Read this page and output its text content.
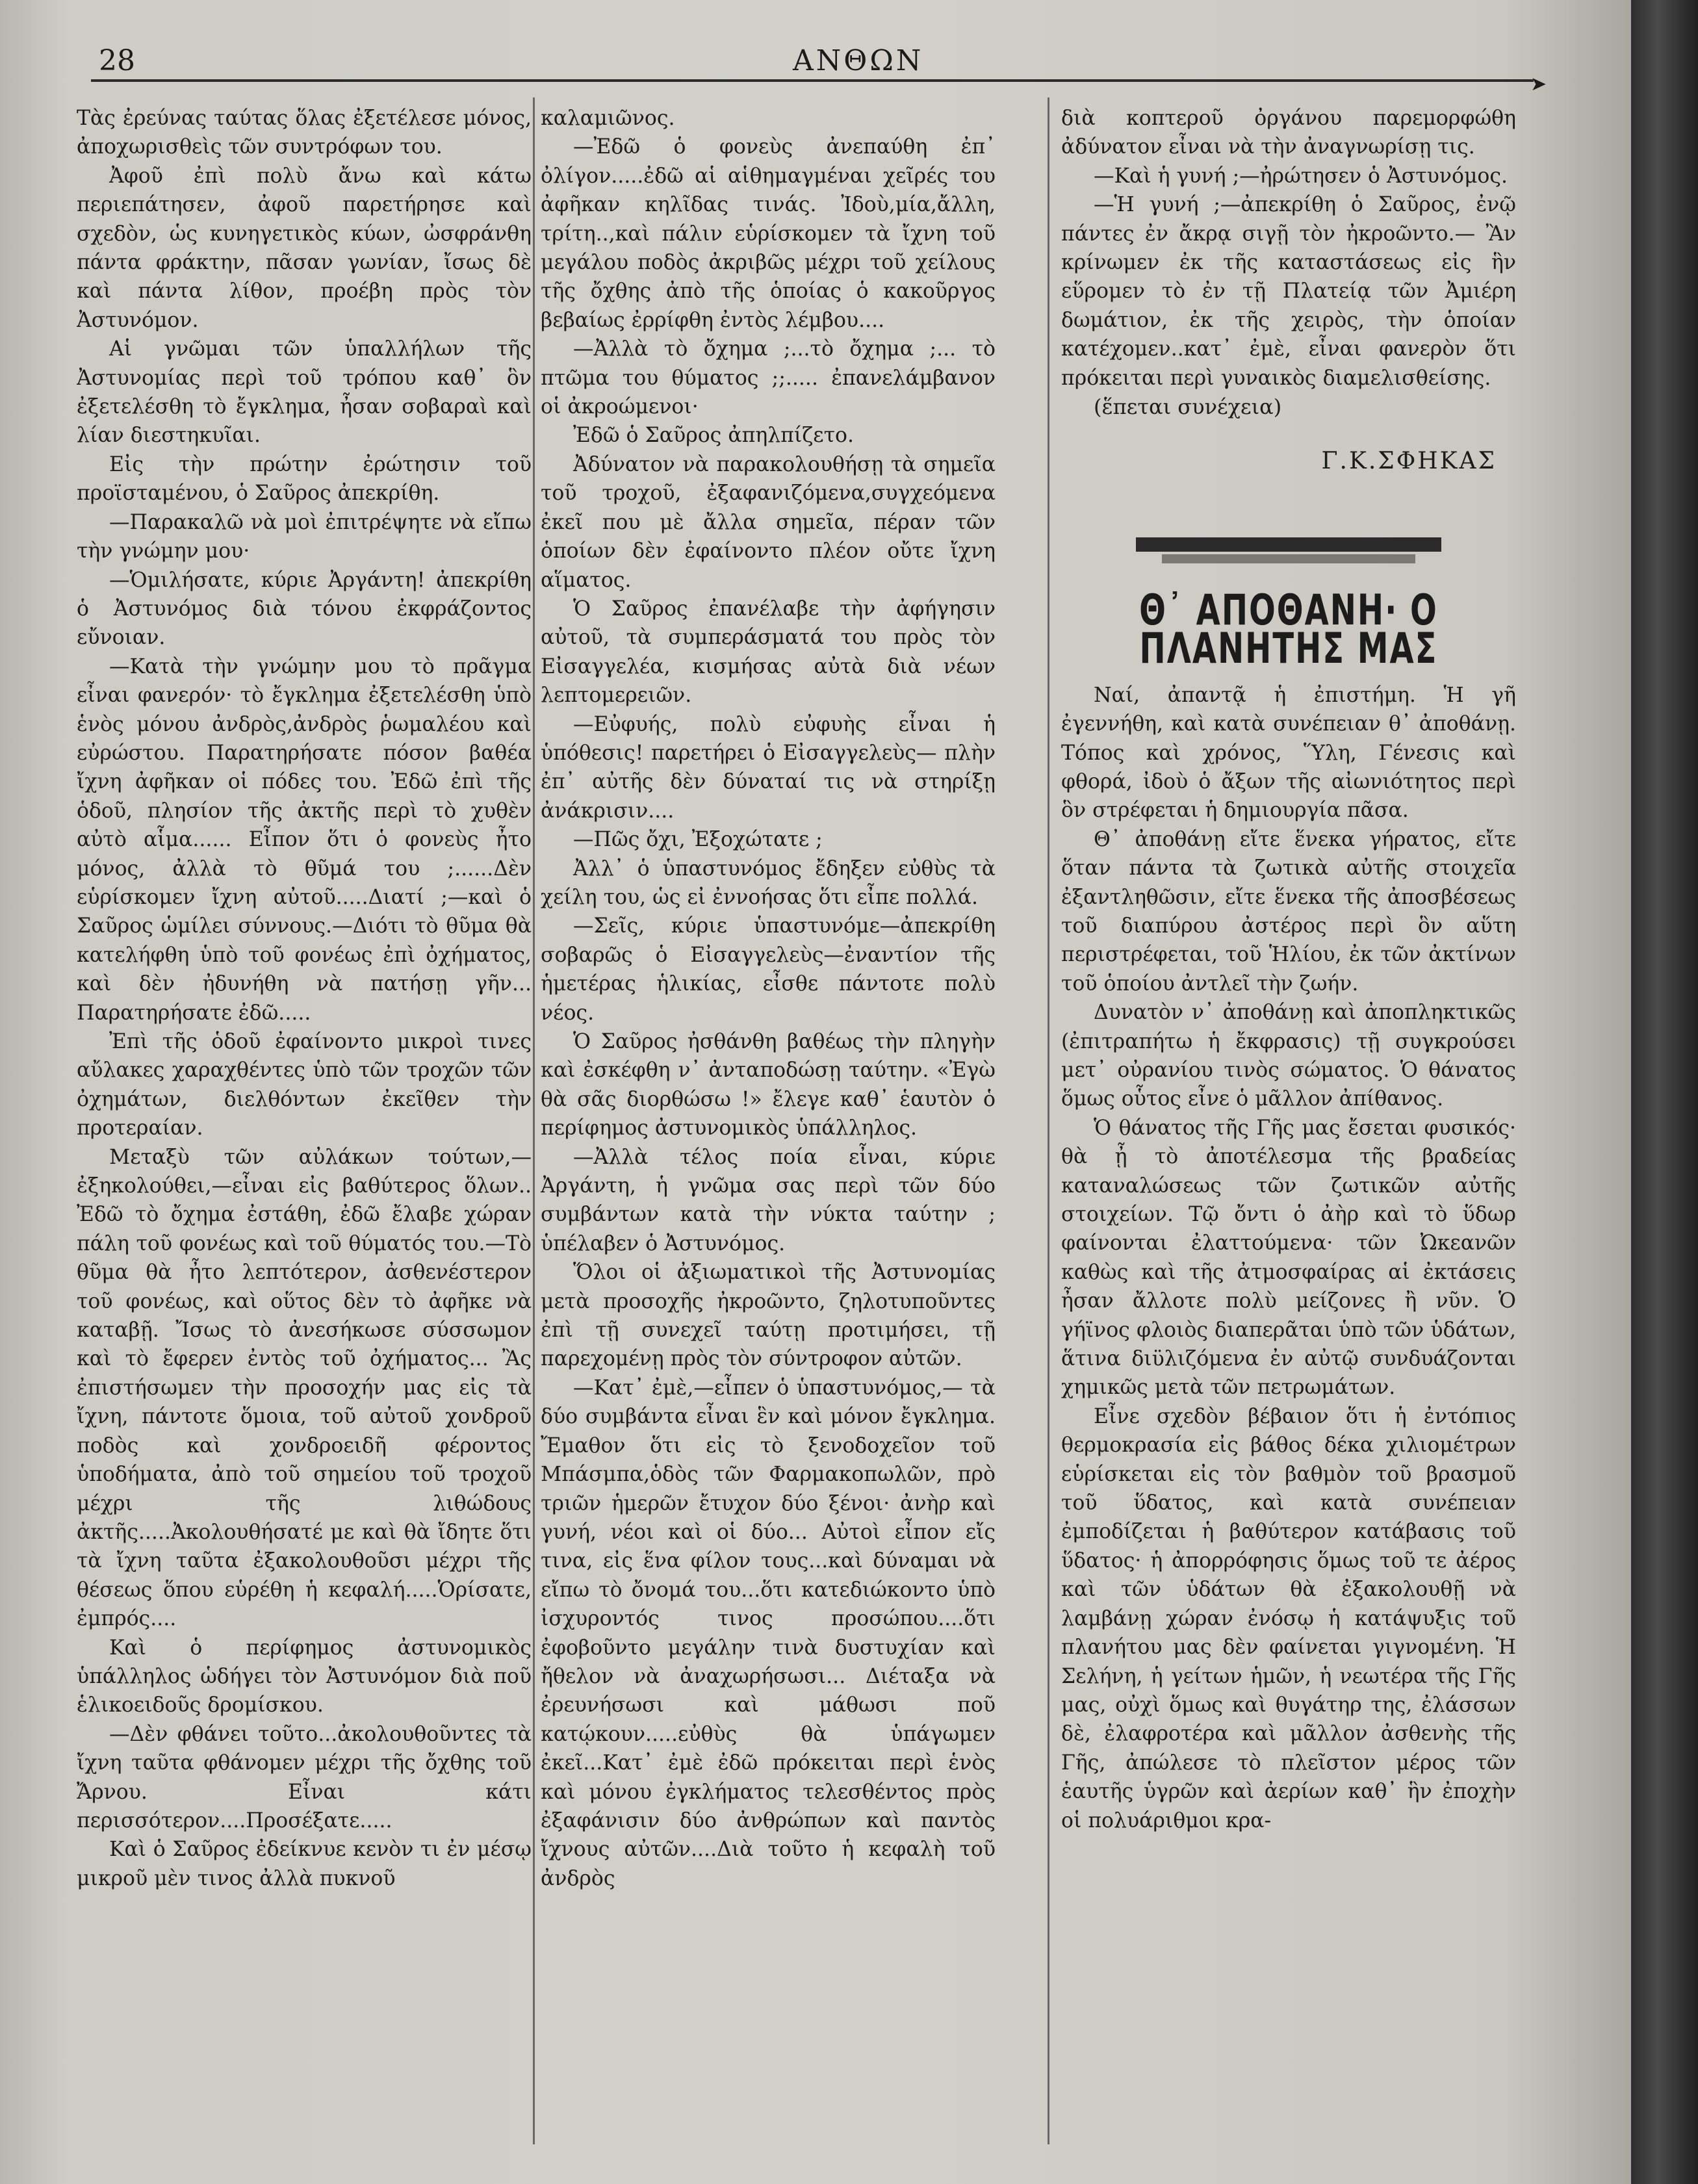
28	ΑΝΘΩΝ
➤

Τὰς ἐρεύνας ταύτας ὅλας ἐξετέλεσε μόνος, ἀποχωρισθεὶς τῶν συντρόφων του.

Ἀφοῦ ἐπὶ πολὺ ἄνω καὶ κάτω περιεπάτησεν, ἀφοῦ παρετήρησε καὶ σχεδὸν, ὡς κυνηγετικὸς κύων, ὠσφράνθη πάντα φράκτην, πᾶσαν γωνίαν, ἴσως δὲ καὶ πάντα λίθον, προέβη πρὸς τὸν Ἀστυνόμον.

Αἱ γνῶμαι τῶν ὑπαλλήλων τῆς Ἀστυνομίας περὶ τοῦ τρόπου καθ᾽ ὃν ἐξετελέσθη τὸ ἔγκλημα, ἦσαν σοβαραὶ καὶ λίαν διεστηκυῖαι.

Εἰς τὴν πρώτην ἐρώτησιν τοῦ προϊσταμένου, ὁ Σαῦρος ἀπεκρίθη.

—Παρακαλῶ νὰ μοὶ ἐπιτρέψητε νὰ εἴπω τὴν γνώμην μου·

—Ὁμιλήσατε, κύριε Ἀργάντη! ἀπεκρίθη ὁ Ἀστυνόμος διὰ τόνου ἐκφράζοντος εὔνοιαν.

—Κατὰ τὴν γνώμην μου τὸ πρᾶγμα εἶναι φανερόν· τὸ ἔγκλημα ἐξετελέσθη ὑπὸ ἑνὸς μόνου ἀνδρὸς,ἀνδρὸς ῥωμαλέου καὶ εὐρώστου. Παρατηρήσατε πόσον βαθέα ἴχνη ἀφῆκαν οἱ πόδες του. Ἐδῶ ἐπὶ τῆς ὁδοῦ, πλησίον τῆς ἀκτῆς περὶ τὸ χυθὲν αὐτὸ αἷμα...... Εἶπον ὅτι ὁ φονεὺς ἦτο μόνος, ἀλλὰ τὸ θῦμά του ;......Δὲν εὑρίσκομεν ἴχνη αὐτοῦ.....Διατί ;—καὶ ὁ Σαῦρος ὡμίλει σύννους.—Διότι τὸ θῦμα θὰ κατελήφθη ὑπὸ τοῦ φονέως ἐπὶ ὀχήματος, καὶ δὲν ἠδυνήθη νὰ πατήσῃ γῆν... Παρατηρήσατε ἐδῶ.....

Ἐπὶ τῆς ὁδοῦ ἐφαίνοντο μικροὶ τινες αὔλακες χαραχθέντες ὑπὸ τῶν τροχῶν τῶν ὀχημάτων, διελθόντων ἐκεῖθεν τὴν προτεραίαν.

Μεταξὺ τῶν αὐλάκων τούτων,—ἐξηκολούθει,—εἶναι εἰς βαθύτερος ὅλων.. Ἐδῶ τὸ ὄχημα ἐστάθη, ἐδῶ ἔλαβε χώραν πάλη τοῦ φονέως καὶ τοῦ θύματός του.—Τὸ θῦμα θὰ ἦτο λεπτότερον, ἀσθενέστερον τοῦ φονέως, καὶ οὕτος δὲν τὸ ἀφῆκε νὰ καταβῇ. Ἴσως τὸ ἀνεσήκωσε σύσσωμον καὶ τὸ ἔφερεν ἐντὸς τοῦ ὀχήματος... Ἂς ἐπιστήσωμεν τὴν προσοχήν μας εἰς τὰ ἴχνη, πάντοτε ὅμοια, τοῦ αὐτοῦ χονδροῦ ποδὸς καὶ χονδροειδῆ φέροντος ὑποδήματα, ἀπὸ τοῦ σημείου τοῦ τροχοῦ μέχρι τῆς λιθώδους ἀκτῆς.....Ἀκολουθήσατέ με καὶ θὰ ἴδητε ὅτι τὰ ἴχνη ταῦτα ἐξακολουθοῦσι μέχρι τῆς θέσεως ὅπου εὑρέθη ἡ κεφαλή.....Ὁρίσατε, ἐμπρός....

Καὶ ὁ περίφημος ἀστυνομικὸς ὑπάλληλος ὡδήγει τὸν Ἀστυνόμον διὰ ποῦ ἑλικοειδοῦς δρομίσκου.

—Δὲν φθάνει τοῦτο...ἀκολουθοῦντες τὰ ἴχνη ταῦτα φθάνομεν μέχρι τῆς ὄχθης τοῦ Ἄρνου. Εἶναι κάτι περισσότερον....Προσέξατε.....

Καὶ ὁ Σαῦρος ἐδείκνυε κενὸν τι ἐν μέσῳ μικροῦ μὲν τινος ἀλλὰ πυκνοῦ

καλαμιῶνος.

—Ἐδῶ ὁ φονεὺς ἀνεπαύθη ἐπ᾽ ὀλίγον.....ἐδῶ αἱ αἱθημαγμέναι χεῖρές του ἀφῆκαν κηλῖδας τινάς. Ἰδοὺ,μία,ἄλλη, τρίτη..,καὶ πάλιν εὑρίσκομεν τὰ ἴχνη τοῦ μεγάλου ποδὸς ἀκριβῶς μέχρι τοῦ χείλους τῆς ὄχθης ἀπὸ τῆς ὁποίας ὁ κακοῦργος βεβαίως ἐρρίφθη ἐντὸς λέμβου....

—Ἀλλὰ τὸ ὄχημα ;...τὸ ὄχημα ;... τὸ πτῶμα του θύματος ;;..... ἐπανελάμβανον οἱ ἀκροώμενοι·

Ἐδῶ ὁ Σαῦρος ἀπηλπίζετο.

Ἀδύνατον νὰ παρακολουθήσῃ τὰ σημεῖα τοῦ τροχοῦ, ἐξαφανιζόμενα,συγχεόμενα ἐκεῖ που μὲ ἄλλα σημεῖα, πέραν τῶν ὁποίων δὲν ἐφαίνοντο πλέον οὔτε ἴχνη αἵματος.

Ὁ Σαῦρος ἐπανέλαβε τὴν ἀφήγησιν αὐτοῦ, τὰ συμπεράσματά του πρὸς τὸν Εἰσαγγελέα, κισμήσας αὐτὰ διὰ νέων λεπτομερειῶν.

—Εὐφυής, πολὺ εὐφυὴς εἶναι ἡ ὑπόθεσις! παρετήρει ὁ Εἰσαγγελεὺς— πλὴν ἐπ᾽ αὐτῆς δὲν δύναταί τις νὰ στηρίξῃ ἀνάκρισιν....

—Πῶς ὄχι, Ἐξοχώτατε ;

Ἀλλ᾽ ὁ ὑπαστυνόμος ἔδηξεν εὐθὺς τὰ χείλη του, ὡς εἰ ἐννοήσας ὅτι εἶπε πολλά.

—Σεῖς, κύριε ὑπαστυνόμε—ἀπεκρίθη σοβαρῶς ὁ Εἰσαγγελεὺς—ἐναντίον τῆς ἡμετέρας ἡλικίας, εἶσθε πάντοτε πολὺ νέος.

Ὁ Σαῦρος ἠσθάνθη βαθέως τὴν πληγὴν καὶ ἐσκέφθη ν᾽ ἀνταποδώσῃ ταύτην. «Ἐγὼ θὰ σᾶς διορθώσω !» ἔλεγε καθ᾽ ἑαυτὸν ὁ περίφημος ἀστυνομικὸς ὑπάλληλος.

—Ἀλλὰ τέλος ποία εἶναι, κύριε Ἀργάντη, ἡ γνῶμα σας περὶ τῶν δύο συμβάντων κατὰ τὴν νύκτα ταύτην ; ὑπέλαβεν ὁ Ἀστυνόμος.

Ὅλοι οἱ ἀξιωματικοὶ τῆς Ἀστυνομίας μετὰ προσοχῆς ἠκροῶντο, ζηλοτυποῦντες ἐπὶ τῇ συνεχεῖ ταύτῃ προτιμήσει, τῇ παρεχομένῃ πρὸς τὸν σύντροφον αὐτῶν.

—Κατ᾽ ἐμὲ,—εἶπεν ὁ ὑπαστυνόμος,— τὰ δύο συμβάντα εἶναι ἓν καὶ μόνον ἔγκλημα. Ἔμαθον ὅτι εἰς τὸ ξενοδοχεῖον τοῦ Μπάσμπα,ὁδὸς τῶν Φαρμακοπωλῶν, πρὸ τριῶν ἡμερῶν ἔτυχον δύο ξένοι· ἀνὴρ καὶ γυνή, νέοι καὶ οἱ δύο... Αὐτοὶ εἶπον εἴς τινα, εἰς ἕνα φίλον τους...καὶ δύναμαι νὰ εἴπω τὸ ὄνομά του...ὅτι κατεδιώκοντο ὑπὸ ἰσχυροντός τινος προσώπου....ὅτι ἐφοβοῦντο μεγάλην τινὰ δυστυχίαν καὶ ἤθελον νὰ ἀναχωρήσωσι... Διέταξα νὰ ἐρευνήσωσι καὶ μάθωσι ποῦ κατῴκουν.....εὐθὺς θὰ ὑπάγωμεν ἐκεῖ...Κατ᾽ ἐμὲ ἐδῶ πρόκειται περὶ ἑνὸς καὶ μόνου ἐγκλήματος τελεσθέντος πρὸς ἐξαφάνισιν δύο ἀνθρώπων καὶ παντὸς ἴχνους αὐτῶν....Διὰ τοῦτο ἡ κεφαλὴ τοῦ ἀνδρὸς

διὰ κοπτεροῦ ὀργάνου παρεμορφώθη ἀδύνατον εἶναι νὰ τὴν ἀναγνωρίσῃ τις.

—Καὶ ἡ γυνή ;—ἠρώτησεν ὁ Ἀστυνόμος.

—Ἡ γυνή ;—ἀπεκρίθη ὁ Σαῦρος, ἐνῷ πάντες ἐν ἄκρᾳ σιγῇ τὸν ἠκροῶντο.— Ἂν κρίνωμεν ἐκ τῆς καταστάσεως εἰς ἣν εὕρομεν τὸ ἐν τῇ Πλατείᾳ τῶν Ἀμιέρη δωμάτιον, ἐκ τῆς χειρὸς, τὴν ὁποίαν κατέχομεν..κατ᾽ ἐμὲ, εἶναι φανερὸν ὅτι πρόκειται περὶ γυναικὸς διαμελισθείσης.

(ἕπεται συνέχεια)

Γ.Κ.ΣΦΗΚΑΣ
Θ᾽ ΑΠΟΘΑΝΗ· Ο ΠΛΑΝΗΤΗΣ ΜΑΣ

Ναί, ἀπαντᾷ ἡ ἐπιστήμη. Ἡ γῆ ἐγεννήθη, καὶ κατὰ συνέπειαν θ᾽ ἀποθάνῃ. Τόπος καὶ χρόνος, Ὕλη, Γένεσις καὶ φθορά, ἰδοὺ ὁ ἄξων τῆς αἰωνιότητος περὶ ὃν στρέφεται ἡ δημιουργία πᾶσα.

Θ᾽ ἀποθάνῃ εἴτε ἕνεκα γήρατος, εἴτε ὅταν πάντα τὰ ζωτικὰ αὐτῆς στοιχεῖα ἐξαντληθῶσιν, εἴτε ἕνεκα τῆς ἀποσβέσεως τοῦ διαπύρου ἀστέρος περὶ ὃν αὕτη περιστρέφεται, τοῦ Ἡλίου, ἐκ τῶν ἀκτίνων τοῦ ὁποίου ἀντλεῖ τὴν ζωήν.

Δυνατὸν ν᾽ ἀποθάνῃ καὶ ἀποπληκτικῶς (ἐπιτραπήτω ἡ ἔκφρασις) τῇ συγκρούσει μετ᾽ οὐρανίου τινὸς σώματος. Ὁ θάνατος ὅμως οὗτος εἶνε ὁ μᾶλλον ἀπίθανος.

Ὁ θάνατος τῆς Γῆς μας ἔσεται φυσικός· θὰ ᾖ τὸ ἀποτέλεσμα τῆς βραδείας καταναλώσεως τῶν ζωτικῶν αὐτῆς στοιχείων. Τῷ ὄντι ὁ ἀὴρ καὶ τὸ ὕδωρ φαίνονται ἐλαττούμενα· τῶν Ὠκεανῶν καθὼς καὶ τῆς ἀτμοσφαίρας αἱ ἐκτάσεις ἦσαν ἄλλοτε πολὺ μείζονες ἢ νῦν. Ὁ γήϊνος φλοιὸς διαπερᾶται ὑπὸ τῶν ὑδάτων, ἅτινα διϋλιζόμενα ἐν αὐτῷ συνδυάζονται χημικῶς μετὰ τῶν πετρωμάτων.

Εἶνε σχεδὸν βέβαιον ὅτι ἡ ἐντόπιος θερμοκρασία εἰς βάθος δέκα χιλιομέτρων εὑρίσκεται εἰς τὸν βαθμὸν τοῦ βρασμοῦ τοῦ ὕδατος, καὶ κατὰ συνέπειαν ἐμποδίζεται ἡ βαθύτερον κατάβασις τοῦ ὕδατος· ἡ ἀπορρόφησις ὅμως τοῦ τε ἀέρος καὶ τῶν ὑδάτων θὰ ἐξακολουθῇ νὰ λαμβάνῃ χώραν ἐνόσῳ ἡ κατάψυξις τοῦ πλανήτου μας δὲν φαίνεται γιγνομένη. Ἡ Σελήνη, ἡ γείτων ἡμῶν, ἡ νεωτέρα τῆς Γῆς μας, οὐχὶ ὅμως καὶ θυγάτηρ της, ἐλάσσων δὲ, ἐλαφροτέρα καὶ μᾶλλον ἀσθενὴς τῆς Γῆς, ἀπώλεσε τὸ πλεῖστον μέρος τῶν ἑαυτῆς ὑγρῶν καὶ ἀερίων καθ᾽ ἣν ἐποχὴν οἱ πολυάριθμοι κρα-
